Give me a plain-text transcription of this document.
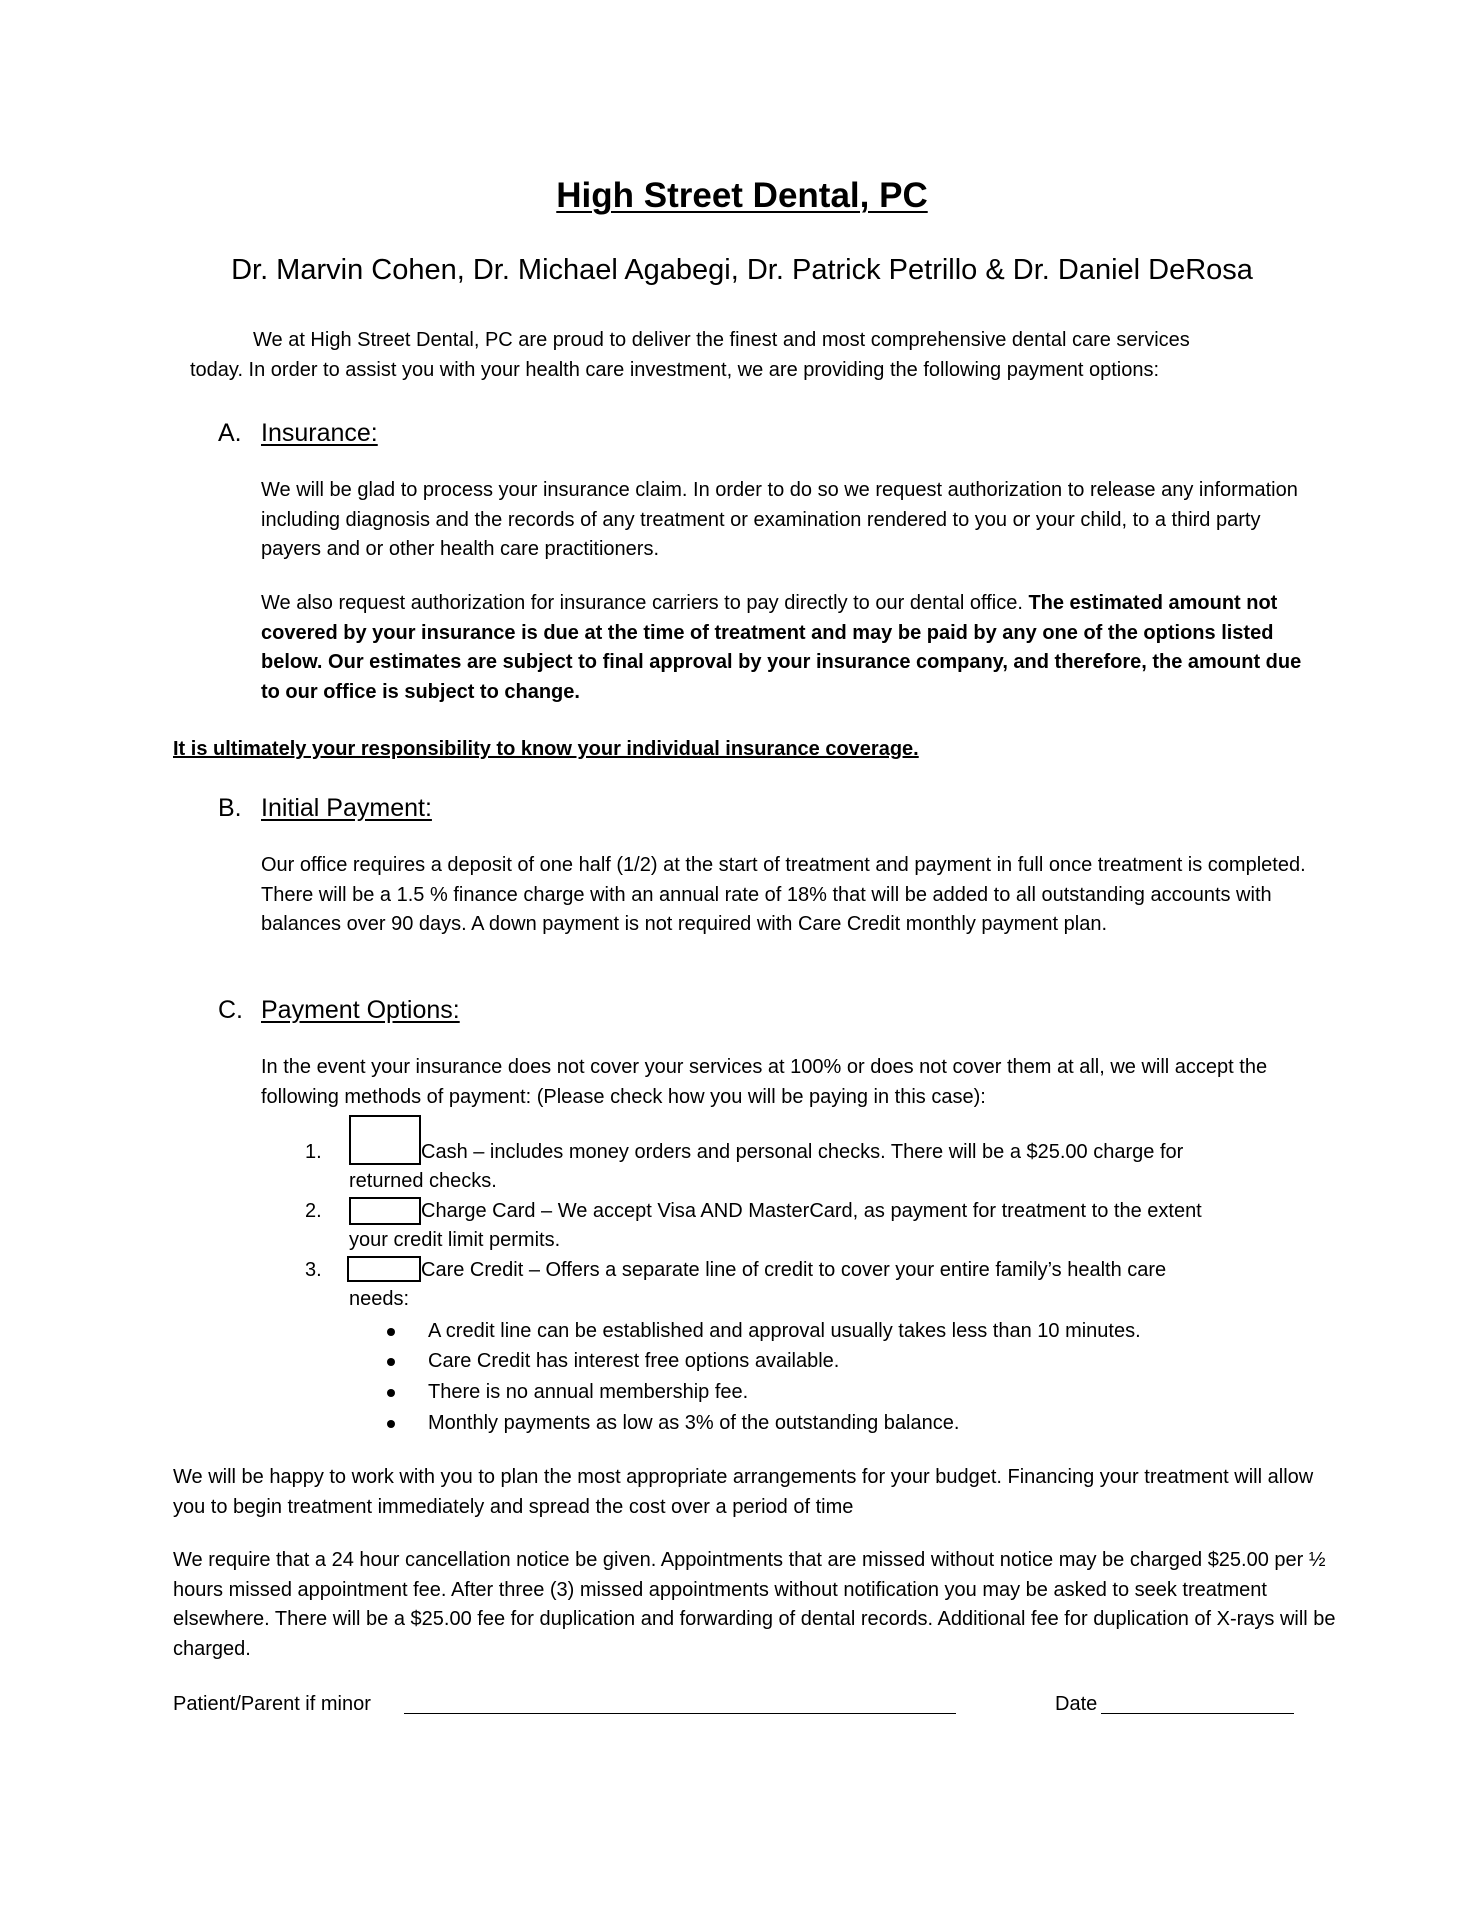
High Street Dental, PC
Dr. Marvin Cohen, Dr. Michael Agabegi, Dr. Patrick Petrillo & Dr. Daniel DeRosa
We at High Street Dental, PC are proud to deliver the finest and most comprehensive dental care services
today. In order to assist you with your health care investment, we are providing the following payment options:
A. Insurance:
We will be glad to process your insurance claim. In order to do so we request authorization to release any information including diagnosis and the records of any treatment or examination rendered to you or your child, to a third party payers and or other health care practitioners.
We also request authorization for insurance carriers to pay directly to our dental office. The estimated amount not covered by your insurance is due at the time of treatment and may be paid by any one of the options listed below. Our estimates are subject to final approval by your insurance company, and therefore, the amount due to our office is subject to change.
It is ultimately your responsibility to know your individual insurance coverage.
B. Initial Payment:
Our office requires a deposit of one half (1/2) at the start of treatment and payment in full once treatment is completed. There will be a 1.5 % finance charge with an annual rate of 18% that will be added to all outstanding accounts with balances over 90 days. A down payment is not required with Care Credit monthly payment plan.
C. Payment Options:
In the event your insurance does not cover your services at 100% or does not cover them at all, we will accept the following methods of payment: (Please check how you will be paying in this case):
1.	Cash – includes money orders and personal checks. There will be a $25.00 charge for
returned checks.
2.	Charge Card – We accept Visa AND MasterCard, as payment for treatment to the extent
your credit limit permits.
3.	Care Credit – Offers a separate line of credit to cover your entire family’s health care
needs:
A credit line can be established and approval usually takes less than 10 minutes.
Care Credit has interest free options available.
There is no annual membership fee.
Monthly payments as low as 3% of the outstanding balance.
We will be happy to work with you to plan the most appropriate arrangements for your budget. Financing your treatment will allow you to begin treatment immediately and spread the cost over a period of time
We require that a 24 hour cancellation notice be given. Appointments that are missed without notice may be charged $25.00 per ½ hours missed appointment fee. After three (3) missed appointments without notification you may be asked to seek treatment elsewhere. There will be a $25.00 fee for duplication and forwarding of dental records. Additional fee for duplication of X-rays will be charged.
Patient/Parent if minor	Date
